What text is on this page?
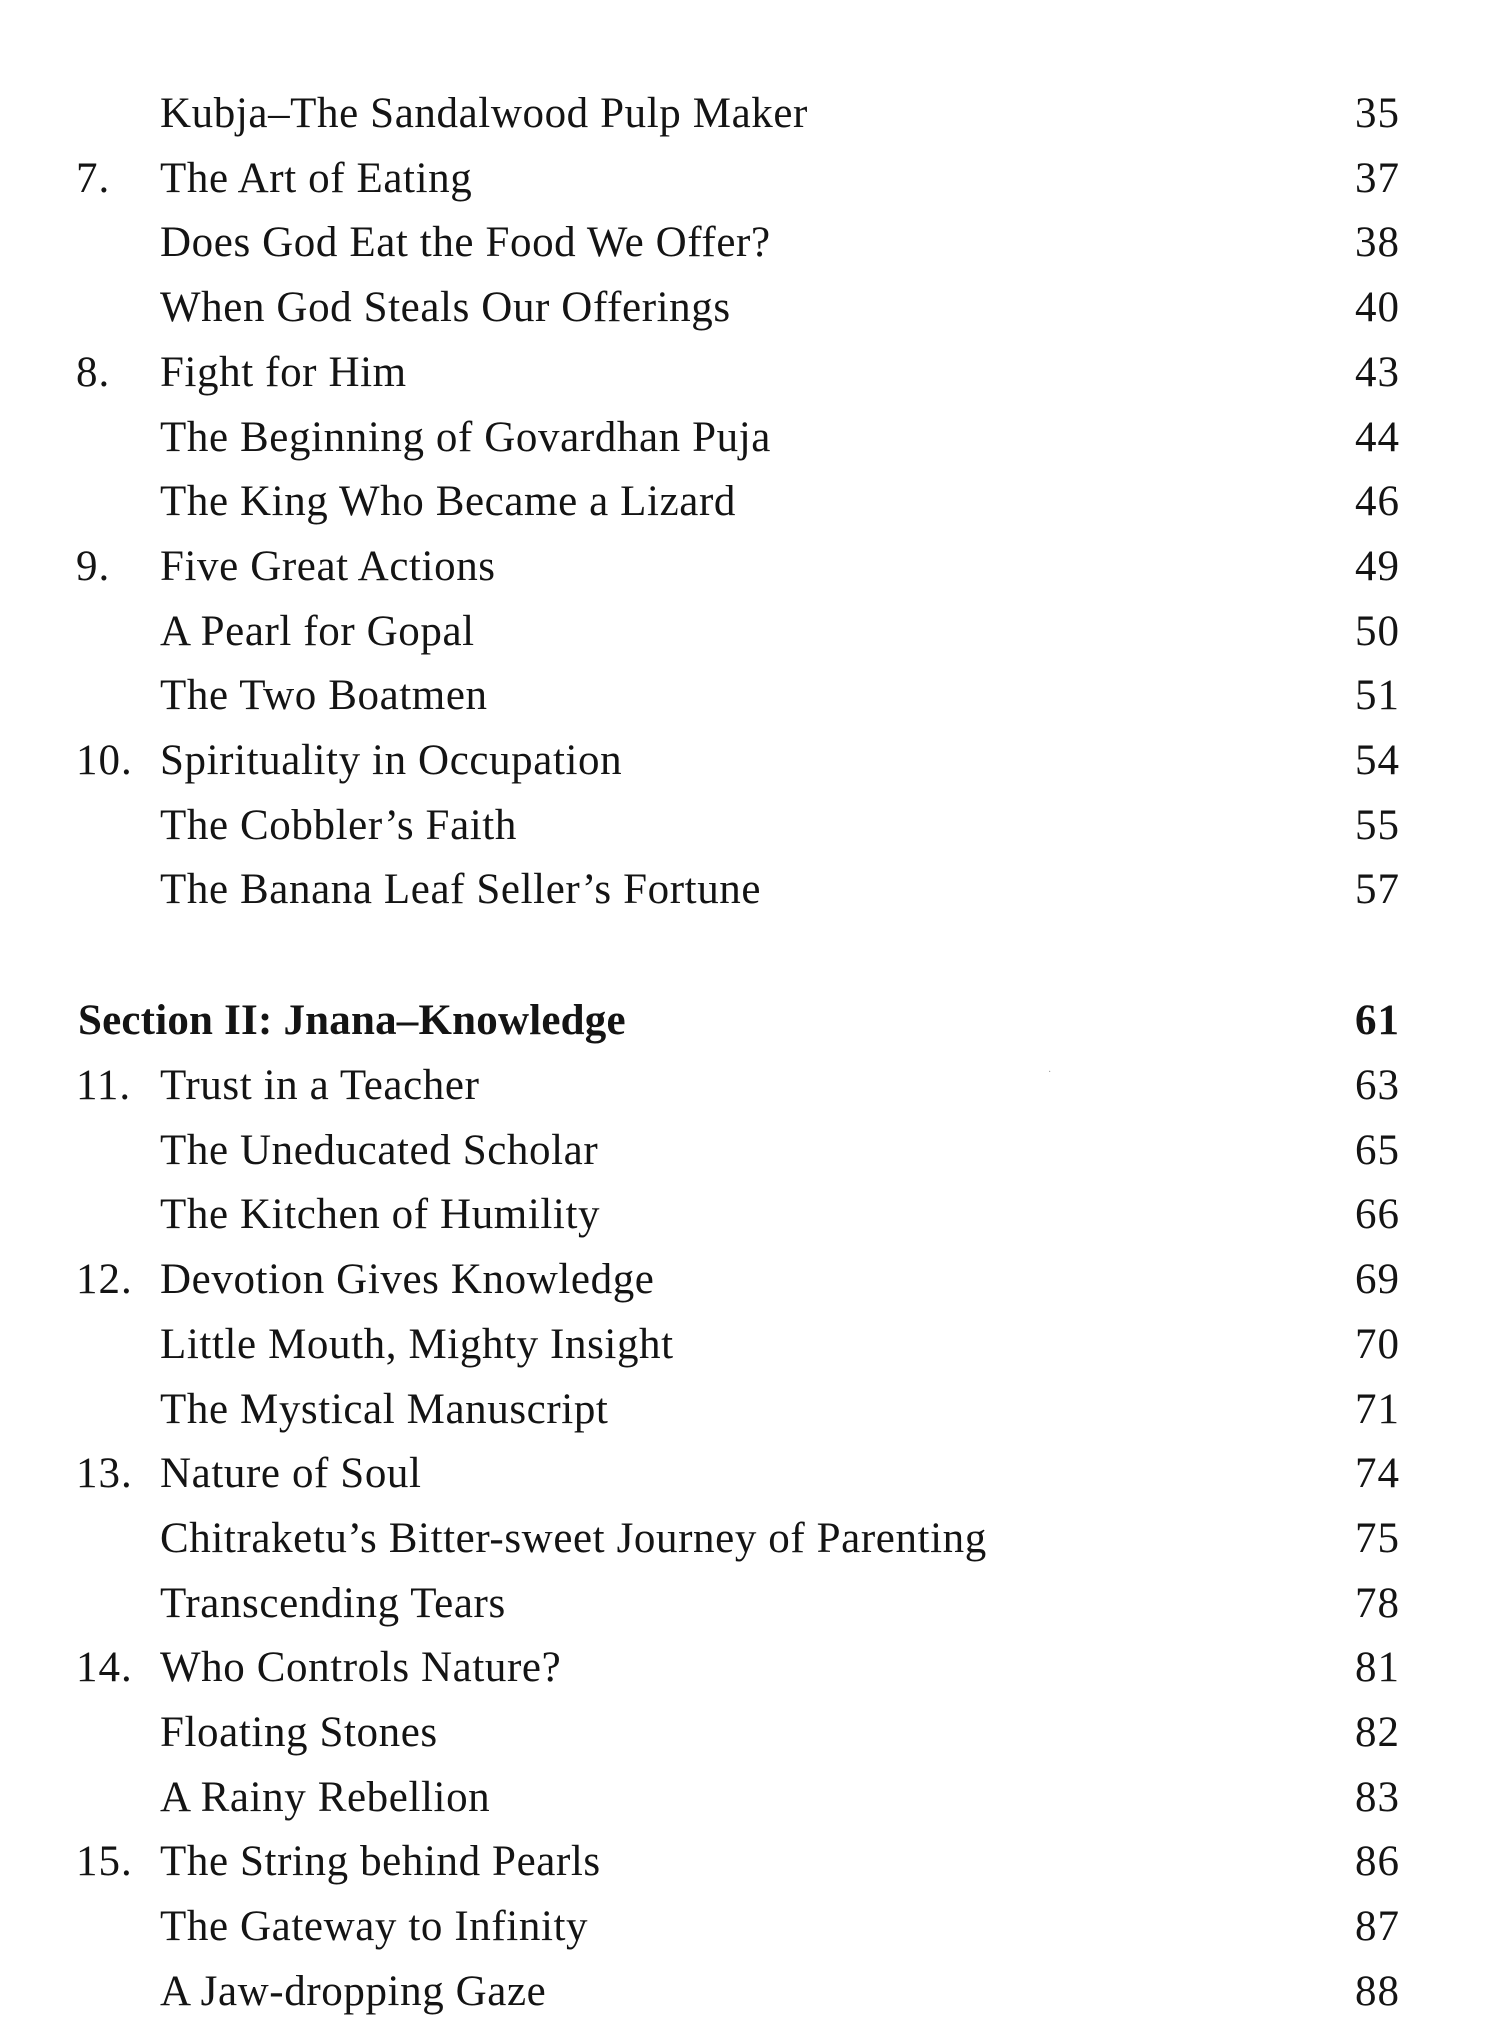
Kubja–The Sandalwood Pulp Maker	35
7.	The Art of Eating	37
Does God Eat the Food We Offer?	38
When God Steals Our Offerings	40
8.	Fight for Him	43
The Beginning of Govardhan Puja	44
The King Who Became a Lizard	46
9.	Five Great Actions	49
A Pearl for Gopal	50
The Two Boatmen	51
10. Spirituality in Occupation	54
The Cobbler’s Faith	55
The Banana Leaf Seller’s Fortune	57
Section II: Jnana–Knowledge	61
11. Trust in a Teacher	63
The Uneducated Scholar	65
The Kitchen of Humility	66
12. Devotion Gives Knowledge	69
Little Mouth, Mighty Insight	70
The Mystical Manuscript	71
13. Nature of Soul	74
Chitraketu’s Bitter-sweet Journey of Parenting	75
Transcending Tears	78
14. Who Controls Nature?	81
Floating Stones	82
A Rainy Rebellion	83
15. The String behind Pearls	86
The Gateway to Infinity	87
A Jaw-dropping Gaze	88
·
